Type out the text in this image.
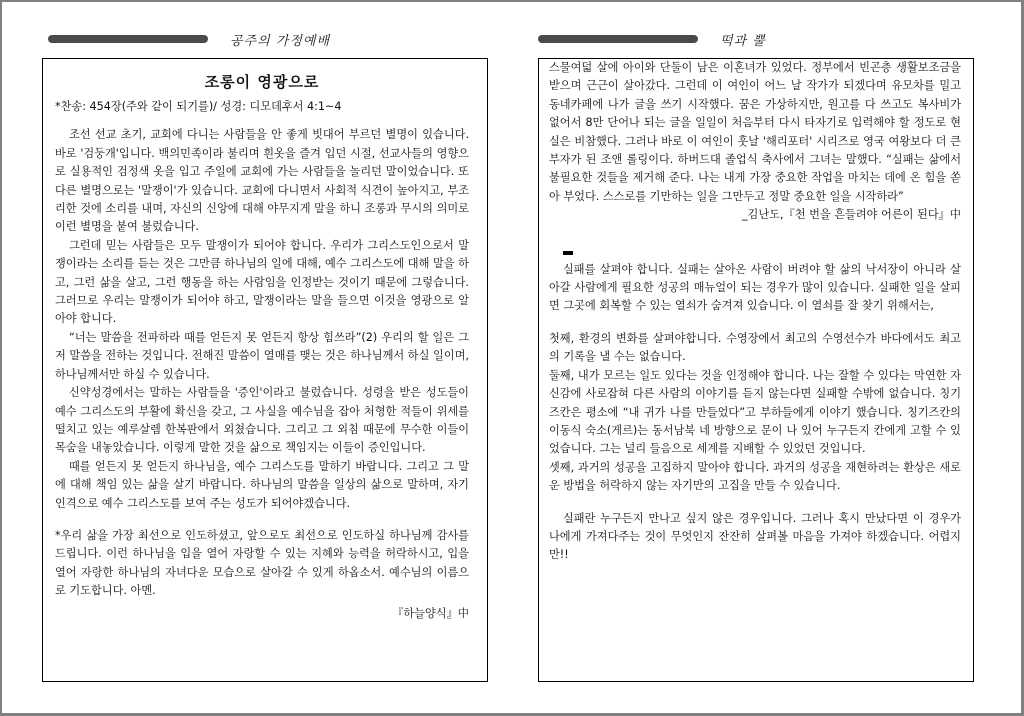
공주의 가정예배	떡과 뿔

조롱이 영광으로

*찬송: 454장(주와 같이 되기를)/ 성경: 디모데후서 4:1~4

조선 선교 초기, 교회에 다니는 사람들을 안 좋게 빗대어 부르던 별명이 있습니다. 바로 '검둥개'입니다. 백의민족이라 불리며 흰옷을 즐겨 입던 시절, 선교사들의 영향으로 실용적인 검정색 옷을 입고 주일에 교회에 가는 사람들을 놀리던 말이었습니다. 또 다른 별명으로는 '말쟁이'가 있습니다. 교회에 다니면서 사회적 식견이 높아지고, 부조리한 것에 소리를 내며, 자신의 신앙에 대해 야무지게 말을 하니 조롱과 무시의 의미로 이런 별명을 붙여 불렀습니다.

그런데 믿는 사람들은 모두 말쟁이가 되어야 합니다. 우리가 그리스도인으로서 말쟁이라는 소리를 듣는 것은 그만큼 하나님의 일에 대해, 예수 그리스도에 대해 말을 하고, 그런 삶을 살고, 그런 행동을 하는 사람임을 인정받는 것이기 때문에 그렇습니다. 그러므로 우리는 말쟁이가 되어야 하고, 말쟁이라는 말을 들으면 이것을 영광으로 알아야 합니다.

“너는 말씀을 전파하라 때를 얻든지 못 얻든지 항상 힘쓰라”(2) 우리의 할 일은 그저 말씀을 전하는 것입니다. 전해진 말씀이 열매를 맺는 것은 하나님께서 하실 일이며, 하나님께서만 하실 수 있습니다.

신약성경에서는 말하는 사람들을 '증인'이라고 불렀습니다. 성령을 받은 성도들이 예수 그리스도의 부활에 확신을 갖고, 그 사실을 예수님을 잡아 처형한 적들이 위세를 떨치고 있는 예루살렘 한복판에서 외쳤습니다. 그리고 그 외침 때문에 무수한 이들이 목숨을 내놓았습니다. 이렇게 말한 것을 삶으로 책임지는 이들이 증인입니다.

때를 얻든지 못 얻든지 하나님을, 예수 그리스도를 말하기 바랍니다. 그리고 그 말에 대해 책임 있는 삶을 살기 바랍니다. 하나님의 말씀을 일상의 삶으로 말하며, 자기 인격으로 예수 그리스도를 보여 주는 성도가 되어야겠습니다.

*우리 삶을 가장 최선으로 인도하셨고, 앞으로도 최선으로 인도하실 하나님께 감사를 드립니다. 이런 하나님을 입을 열어 자랑할 수 있는 지혜와 능력을 허락하시고, 입을 열어 자랑한 하나님의 자녀다운 모습으로 살아갈 수 있게 하옵소서. 예수님의 이름으로 기도합니다. 아멘.

『하늘양식』中

스물여덟 살에 아이와 단둘이 남은 이혼녀가 있었다. 정부에서 빈곤층 생활보조금을 받으며 근근이 살아갔다. 그런데 이 여인이 어느 날 작가가 되겠다며 유모차를 밀고 동네카페에 나가 글을 쓰기 시작했다. 꿈은 가상하지만, 원고를 다 쓰고도 복사비가 없어서 8만 단어나 되는 글을 일일이 처음부터 다시 타자기로 입력해야 할 정도로 현실은 비참했다. 그러나 바로 이 여인이 훗날 '해리포터' 시리즈로 영국 여왕보다 더 큰 부자가 된 조앤 롤링이다. 하버드대 졸업식 축사에서 그녀는 말했다. “실패는 삶에서 불필요한 것들을 제거해 준다. 나는 내게 가장 중요한 작업을 마치는 데에 온 힘을 쏟아 부었다. 스스로를 기만하는 일을 그만두고 정말 중요한 일을 시작하라”

_김난도,『천 번을 흔들려야 어른이 된다』中

실패를 살펴야 합니다. 실패는 살아온 사람이 버려야 할 삶의 낙서장이 아니라 살아갈 사람에게 필요한 성공의 매뉴얼이 되는 경우가 많이 있습니다. 실패한 일을 살피면 그곳에 회복할 수 있는 열쇠가 숨겨져 있습니다. 이 열쇠를 잘 찾기 위해서는,

첫째, 환경의 변화를 살펴야합니다. 수영장에서 최고의 수영선수가 바다에서도 최고의 기록을 낼 수는 없습니다.

둘째, 내가 모르는 일도 있다는 것을 인정해야 합니다. 나는 잘할 수 있다는 막연한 자신감에 사로잡혀 다른 사람의 이야기를 듣지 않는다면 실패할 수밖에 없습니다. 칭기즈칸은 평소에 “내 귀가 나를 만들었다”고 부하들에게 이야기 했습니다. 칭기즈칸의 이동식 숙소(게르)는 동서남북 네 방향으로 문이 나 있어 누구든지 칸에게 고할 수 있었습니다. 그는 널리 들음으로 세계를 지배할 수 있었던 것입니다.

셋째, 과거의 성공을 고집하지 말아야 합니다. 과거의 성공을 재현하려는 환상은 새로운 방법을 허락하지 않는 자기만의 고집을 만들 수 있습니다.

실패란 누구든지 만나고 싶지 않은 경우입니다. 그러나 혹시 만났다면 이 경우가 나에게 가져다주는 것이 무엇인지 잔잔히 살펴볼 마음을 가져야 하겠습니다. 어렵지만!!
